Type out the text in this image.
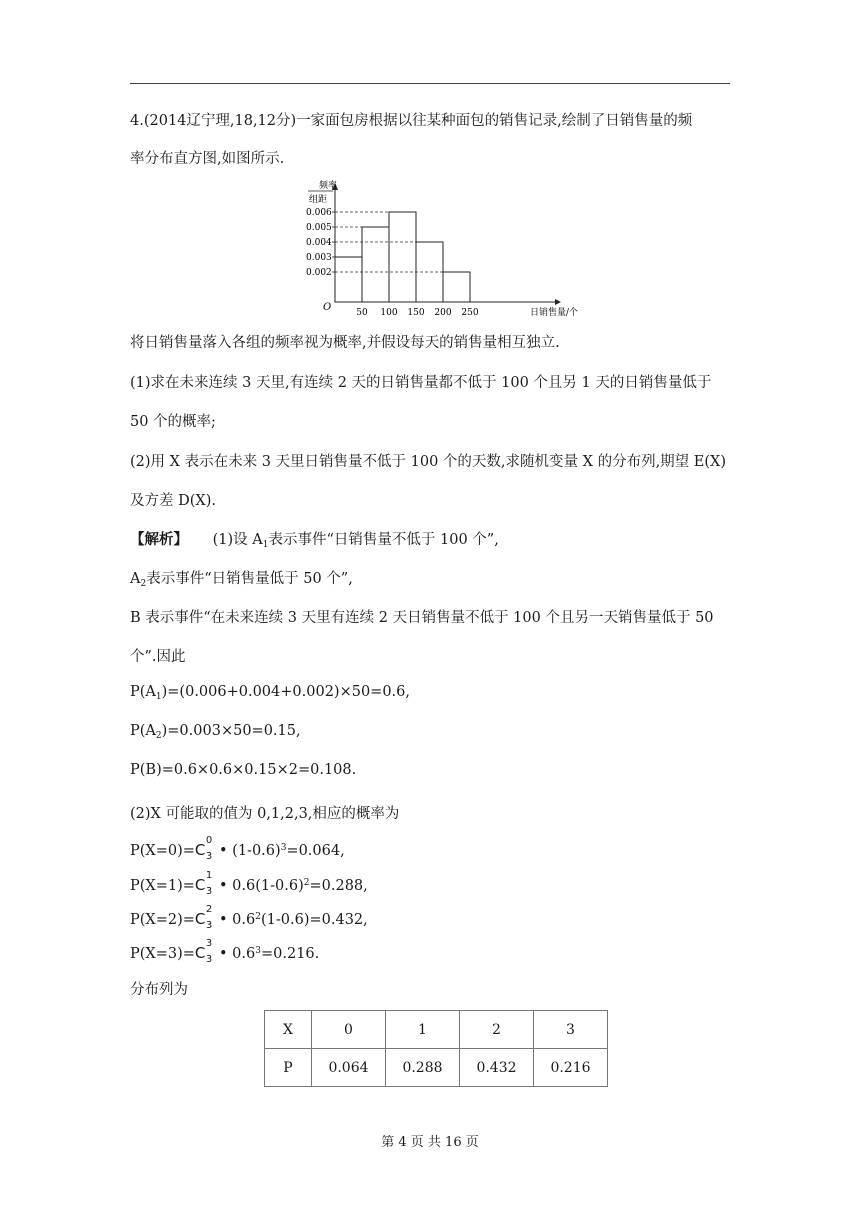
4.(2014辽宁理,18,12分)一家面包房根据以往某种面包的销售记录,绘制了日销售量的频
率分布直方图,如图所示.
频率
组距
O	日销售量/个
0.006
0.005
0.004
0.003
0.002
50 100 150 200 250
将日销售量落入各组的频率视为概率,并假设每天的销售量相互独立.
(1)求在未来连续 3 天里,有连续 2 天的日销售量都不低于 100 个且另 1 天的日销售量低于
50 个的概率;
(2)用 X 表示在未来 3 天里日销售量不低于 100 个的天数,求随机变量 X 的分布列,期望 E(X)
及方差 D(X).
【解析】 (1)设 $A_1$表示事件“日销售量不低于 100 个”,
$A_2$表示事件“日销售量低于 50 个”,
B 表示事件“在未来连续 3 天里有连续 2 天日销售量不低于 100 个且另一天销售量低于 50
个”.因此
$P(A_1)=(0.006+0.004+0.002)\times 50=0.6$,
$P(A_2)=0.003\times 50=0.15$,
P(B)=0.6×0.6×0.15×2=0.108.
(2)X 可能取的值为 0,1,2,3,相应的概率为
P(X=0)=C
0
3 • $(1-0.6)^3=0.064$,
P(X=1)=C
1
3 • $0.6(1-0.6)^2=0.288$,
P(X=2)=C
2
3 • $0.6^2(1-0.6)=0.432$,
P(X=3)=C
3
3 • $0.6^3=0.216$.
分布列为
X	0	1	2	3
P	0.064	0.288	0.432	0.216
第 4 页 共 16 页
